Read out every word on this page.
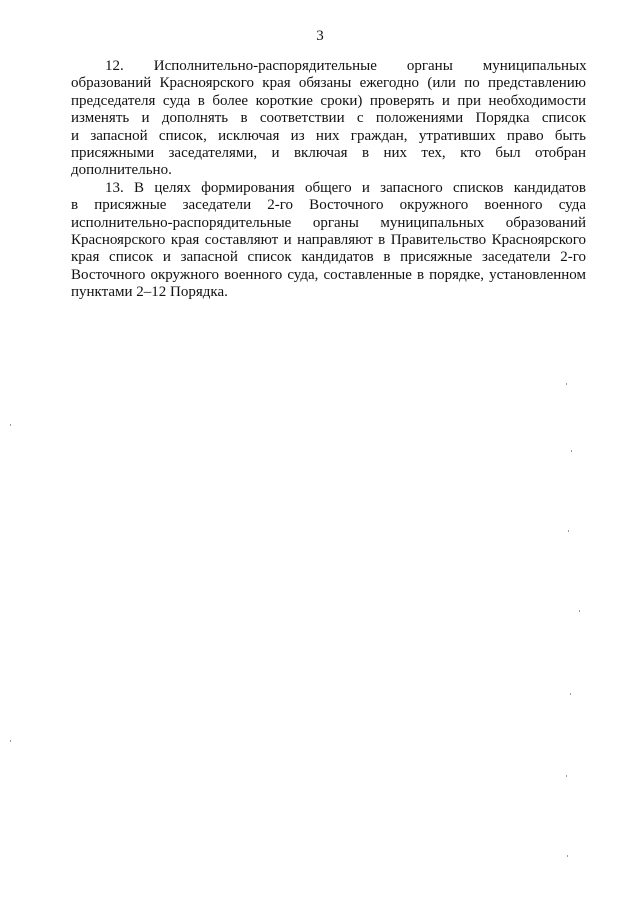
3
12.        Исполнительно-распорядительные        органы        муниципальных
образований Красноярского края обязаны ежегодно (или по представлению
председателя суда в более короткие сроки) проверять и при необходимости
изменять и дополнять в соответствии с положениями Порядка список
и запасной список, исключая из них граждан, утративших право быть
присяжными заседателями, и включая в них тех, кто был отобран
дополнительно.
13. В целях формирования общего и запасного списков кандидатов
в присяжные заседатели 2-го Восточного окружного военного суда
исполнительно-распорядительные органы муниципальных образований
Красноярского края составляют и направляют в Правительство Красноярского
края список и запасной список кандидатов в присяжные заседатели 2-го
Восточного окружного военного суда, составленные в порядке, установленном
пунктами 2–12 Порядка.
